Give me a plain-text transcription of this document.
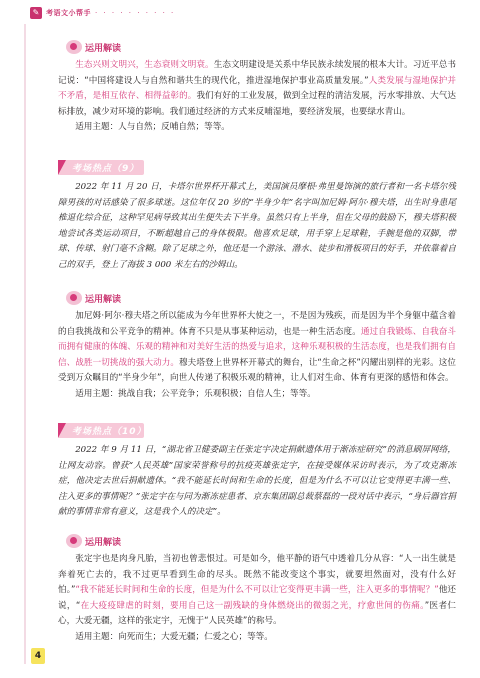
✎ 考语文小帮手 · · · · · · · · · ·
运用解读

生态兴则文明兴，生态衰则文明衰。生态文明建设是关系中华民族永续发展的根本大计。习近平总书记说：“中国将建设人与自然和谐共生的现代化，推进湿地保护事业高质量发展。”人类发展与湿地保护并不矛盾，是相互依存、相得益彰的。我们有好的工业发展，做到全过程的清洁发展，污水零排放、大气达标排放，减少对环境的影响。我们通过经济的方式来反哺湿地，要经济发展，也要绿水青山。

适用主题：人与自然；反哺自然；等等。

考场热点（9）

2022 年 11 月 20 日，卡塔尔世界杯开幕式上，美国演员摩根·弗里曼饰演的旅行者和一名卡塔尔残障男孩的对话感染了很多球迷。这位年仅 20 岁的“半身少年”名字叫加尼姆·阿尔·穆夫塔，出生时身患尾椎退化综合征，这种罕见病导致其出生便失去下半身。虽然只有上半身，但在父母的鼓励下，穆夫塔积极地尝试各类运动项目，不断超越自己的身体极限。他喜欢足球，用手穿上足球鞋，手腕是他的双脚，带球、传球、射门毫不含糊。除了足球之外，他还是一个游泳、潜水、徒步和滑板项目的好手，并依靠着自己的双手，登上了海拔 3 000 米左右的沙姆山。

运用解读

加尼姆·阿尔·穆夫塔之所以能成为今年世界杯大使之一，不是因为残疾，而是因为半个身躯中蕴含着的自我挑战和公平竞争的精神。体育不只是从事某种运动，也是一种生活态度。通过自我锻炼、自我奋斗而拥有健康的体魄、乐观的精神和对美好生活的热爱与追求，这种乐观积极的生活态度，也是我们拥有自信、战胜一切挑战的强大动力。穆夫塔登上世界杯开幕式的舞台，让“生命之杯”闪耀出别样的光彩。这位受到万众瞩目的“半身少年”，向世人传递了积极乐观的精神，让人们对生命、体育有更深的感悟和体会。

适用主题：挑战自我；公平竞争；乐观积极；自信人生；等等。

考场热点（10）

2022 年 9 月 11 日，“湖北省卫健委副主任张定宇决定捐献遗体用于渐冻症研究”的消息刷屏网络，让网友动容。曾获“人民英雄”国家荣誉称号的抗疫英雄张定宇，在接受媒体采访时表示，为了攻克渐冻症，他决定去世后捐献遗体。“我不能延长时间和生命的长度，但是为什么不可以让它变得更丰满一些、注入更多的事情呢？”张定宇在与同为渐冻症患者、京东集团副总裁蔡磊的一段对话中表示，“身后器官捐献的事情非常有意义，这是我个人的决定”。

运用解读

张定宇也是肉身凡胎，当初也曾悲恨过。可是如今，他平静的语气中透着几分从容：“人一出生就是奔着死亡去的，我不过更早看到生命的尽头。既然不能改变这个事实，就要坦然面对，没有什么好怕。”“我不能延长时间和生命的长度，但是为什么不可以让它变得更丰满一些，注入更多的事情呢？”他还说，“在大疫疫肆虐的时刻，要用自己这一副残缺的身体燃烧出的微弱之光，疗愈世间的伤痛。”医者仁心，大爱无疆，这样的张定宇，无愧于“人民英雄”的称号。

适用主题：向死而生；大爱无疆；仁爱之心；等等。

4
